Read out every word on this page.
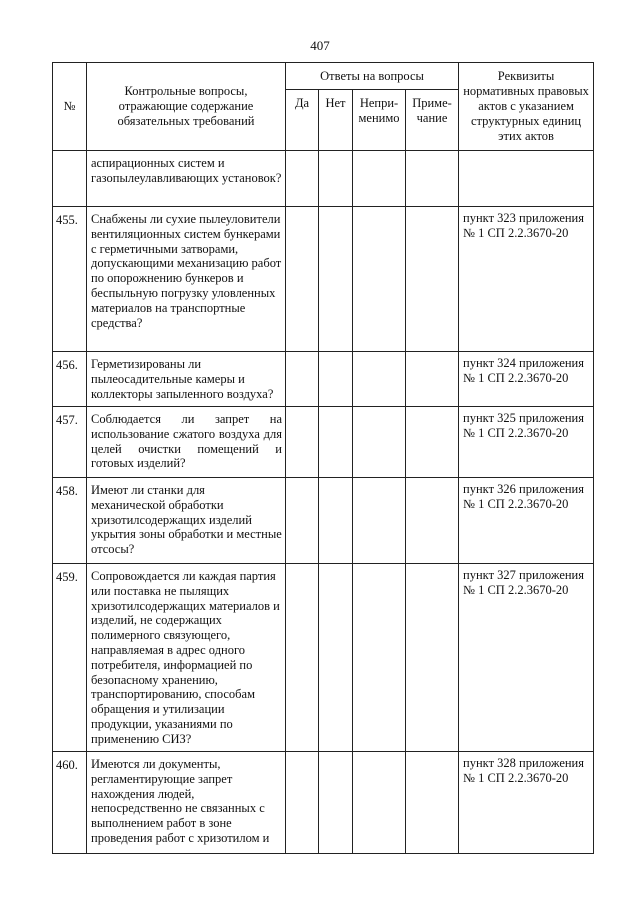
407
№	Контрольные вопросы, отражающие содержание обязательных требований	Ответы на вопросы				Реквизиты нормативных правовых актов с указанием структурных единиц этих актов
		Да	Нет	Непри-менимо	Приме-чание	
	аспирационных систем и газопылеулавливающих установок?					
455.	Снабжены ли сухие пылеуловители вентиляционных систем бункерами с герметичными затворами, допускающими механизацию работ по опорожнению бункеров и беспыльную погрузку уловленных материалов на транспортные средства?					пункт 323 приложения № 1 СП 2.2.3670-20
456.	Герметизированы ли пылеосадительные камеры и коллекторы запыленного воздуха?					пункт 324 приложения № 1 СП 2.2.3670-20
457.	Соблюдается ли запрет на использование сжатого воздуха для целей очистки помещений и готовых изделий?					пункт 325 приложения № 1 СП 2.2.3670-20
458.	Имеют ли станки для механической обработки хризотилсодержащих изделий укрытия зоны обработки и местные отсосы?					пункт 326 приложения № 1 СП 2.2.3670-20
459.	Сопровождается ли каждая партия или поставка не пылящих хризотилсодержащих материалов и изделий, не содержащих полимерного связующего, направляемая в адрес одного потребителя, информацией по безопасному хранению, транспортированию, способам обращения и утилизации продукции, указаниями по применению СИЗ?					пункт 327 приложения № 1 СП 2.2.3670-20
460.	Имеются ли документы, регламентирующие запрет нахождения людей, непосредственно не связанных с выполнением работ в зоне проведения работ с хризотилом и					пункт 328 приложения № 1 СП 2.2.3670-20
